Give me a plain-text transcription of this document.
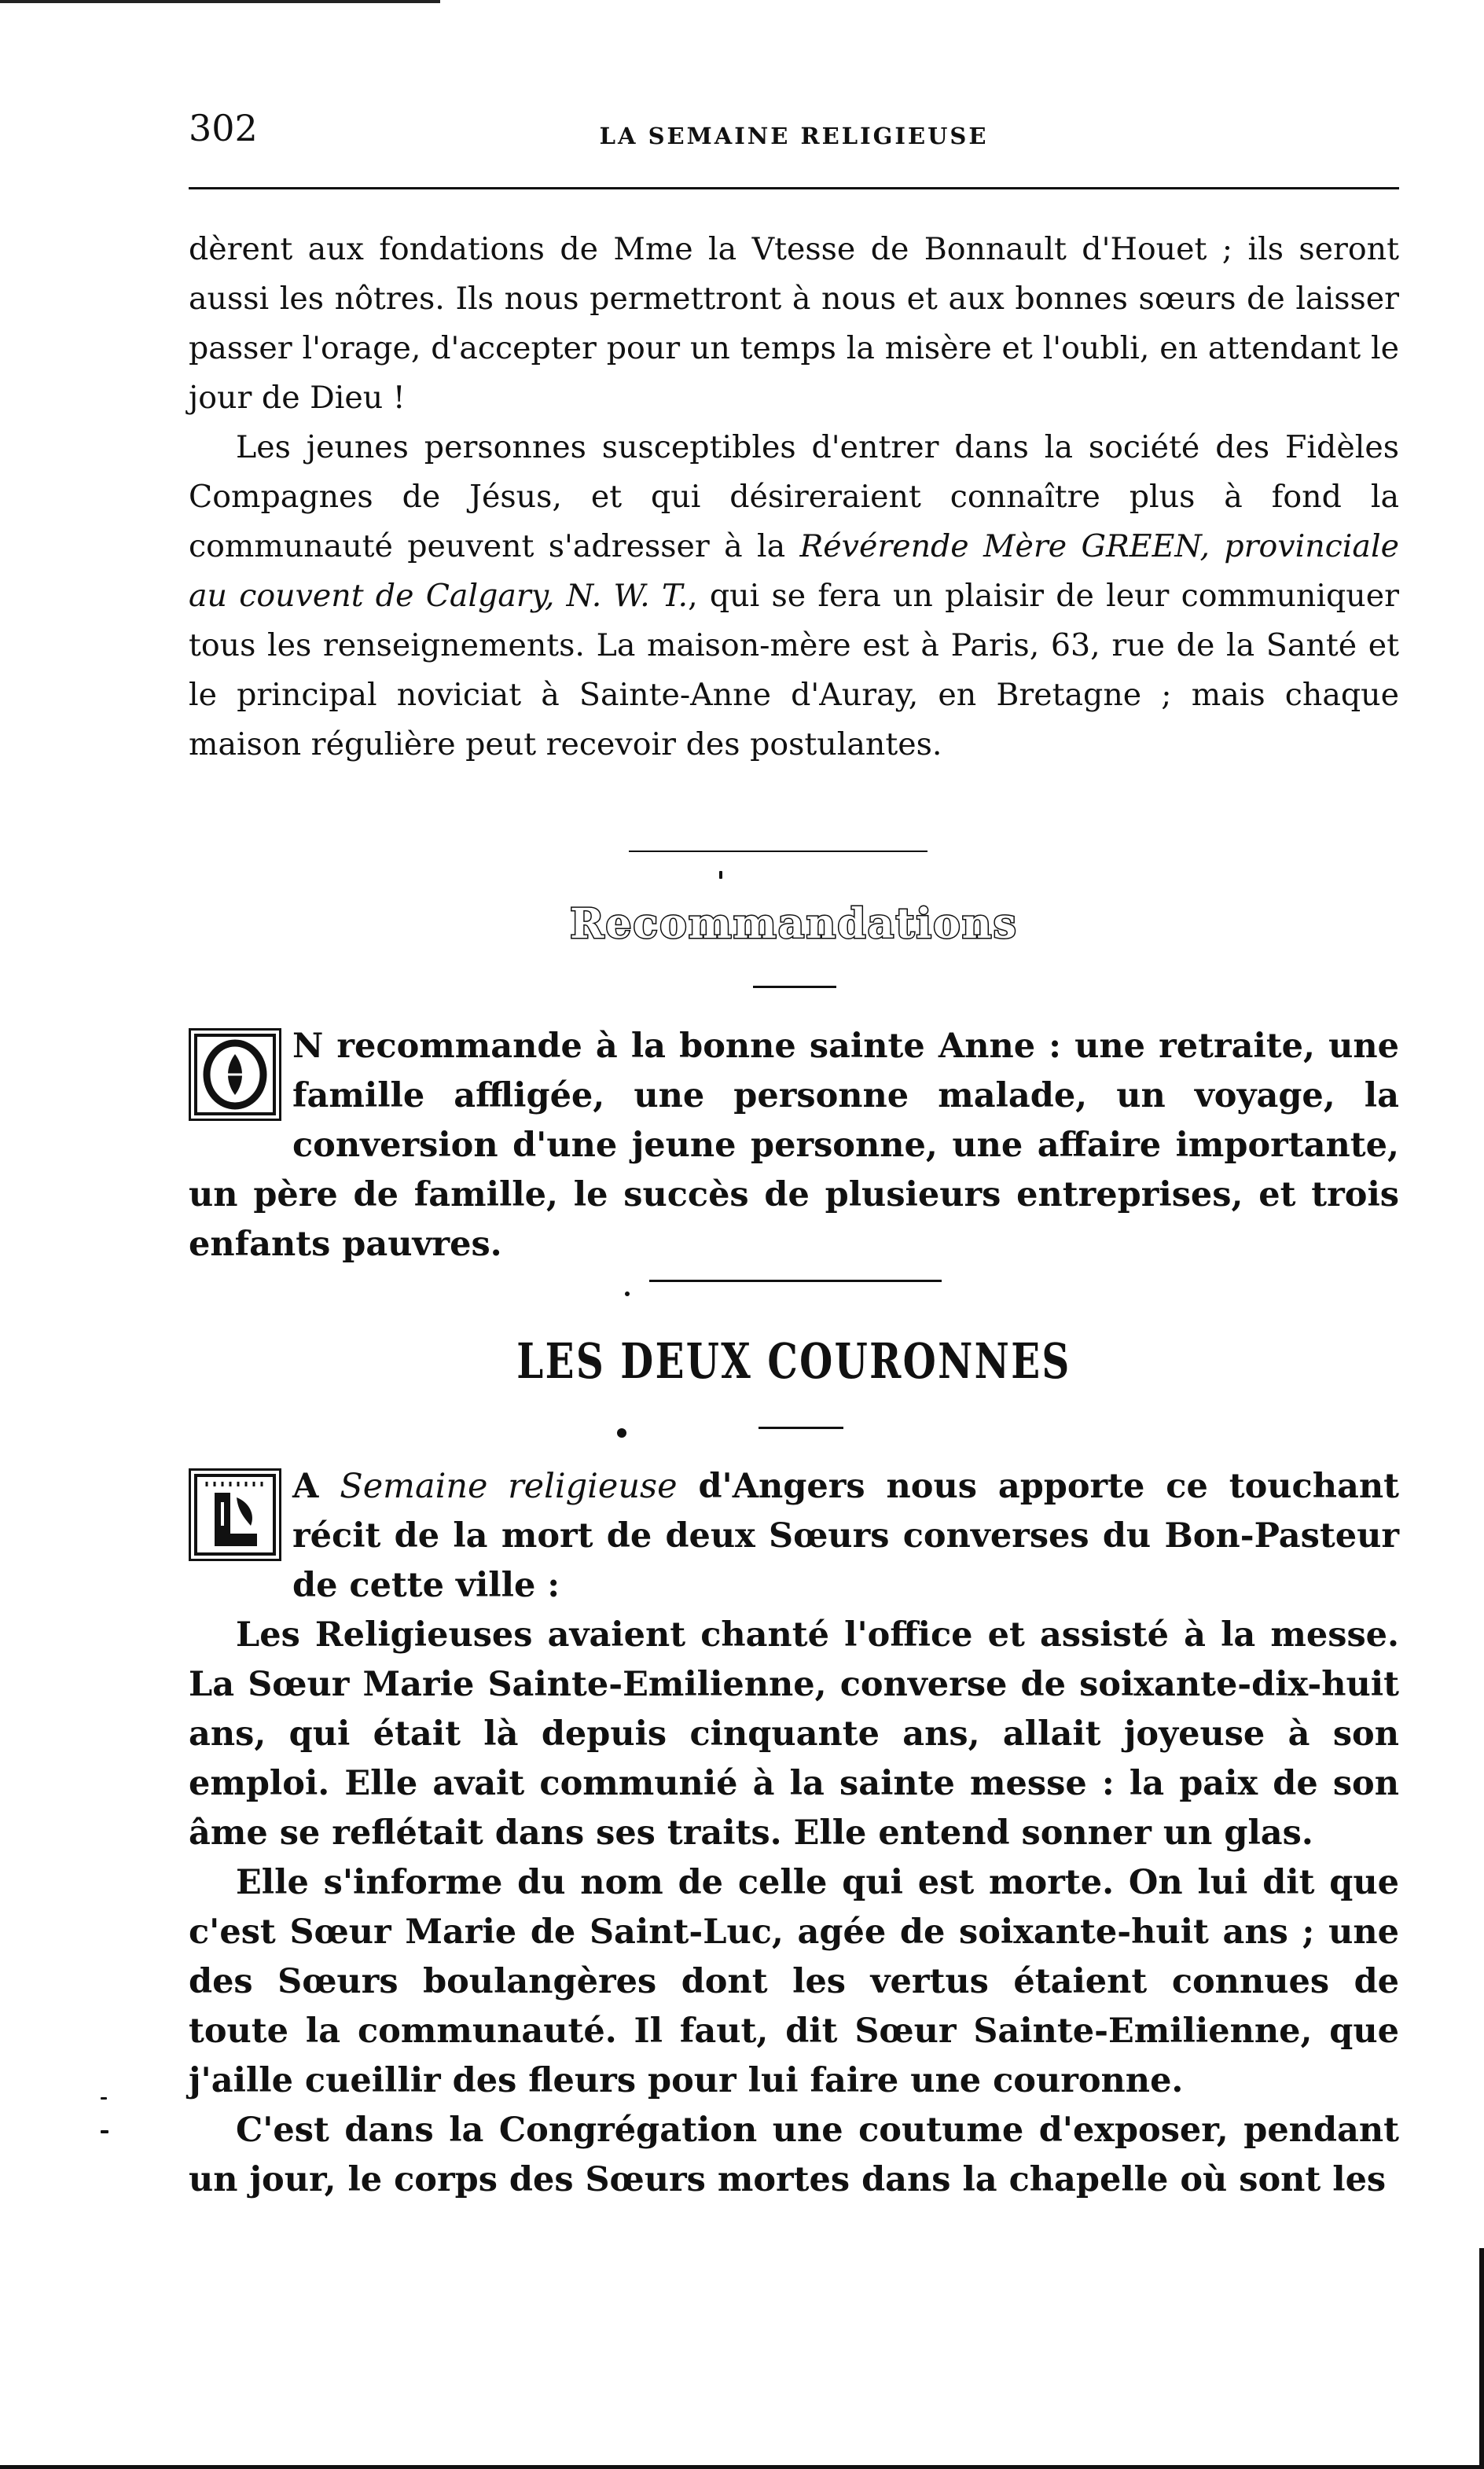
302	LA SEMAINE RELIGIEUSE

dèrent aux fondations de Mme la Vtesse de Bonnault d'Houet ; ils seront aussi les nôtres. Ils nous permettront à nous et aux bonnes sœurs de laisser passer l'orage, d'accepter pour un temps la misère et l'oubli, en attendant le jour de Dieu !

Les jeunes personnes susceptibles d'entrer dans la société des Fidèles Compagnes de Jésus, et qui désireraient connaître plus à fond la communauté peuvent s'adresser à la Révérende Mère GREEN, provinciale au couvent de Calgary, N. W. T., qui se fera un plaisir de leur communiquer tous les renseignements. La maison-mère est à Paris, 63, rue de la Santé et le principal noviciat à Sainte-Anne d'Auray, en Bretagne ; mais chaque maison régulière peut recevoir des postulantes.

Recommandations

N recommande à la bonne sainte Anne : une retraite, une famille affligée, une personne malade, un voyage, la conversion d'une jeune personne, une affaire importante, un père de famille, le succès de plusieurs entreprises, et trois enfants pauvres.

LES DEUX COURONNES

A Semaine religieuse d'Angers nous apporte ce touchant récit de la mort de deux Sœurs converses du Bon-Pasteur de cette ville :

Les Religieuses avaient chanté l'office et assisté à la messe. La Sœur Marie Sainte-Emilienne, converse de soixante-dix-huit ans, qui était là depuis cinquante ans, allait joyeuse à son emploi. Elle avait communié à la sainte messe : la paix de son âme se reflétait dans ses traits. Elle entend sonner un glas.

Elle s'informe du nom de celle qui est morte. On lui dit que c'est Sœur Marie de Saint-Luc, agée de soixante-huit ans ; une des Sœurs boulangères dont les vertus étaient connues de toute la communauté. Il faut, dit Sœur Sainte-Emilienne, que j'aille cueillir des fleurs pour lui faire une couronne.

C'est dans la Congrégation une coutume d'exposer, pendant un jour, le corps des Sœurs mortes dans la chapelle où sont les
